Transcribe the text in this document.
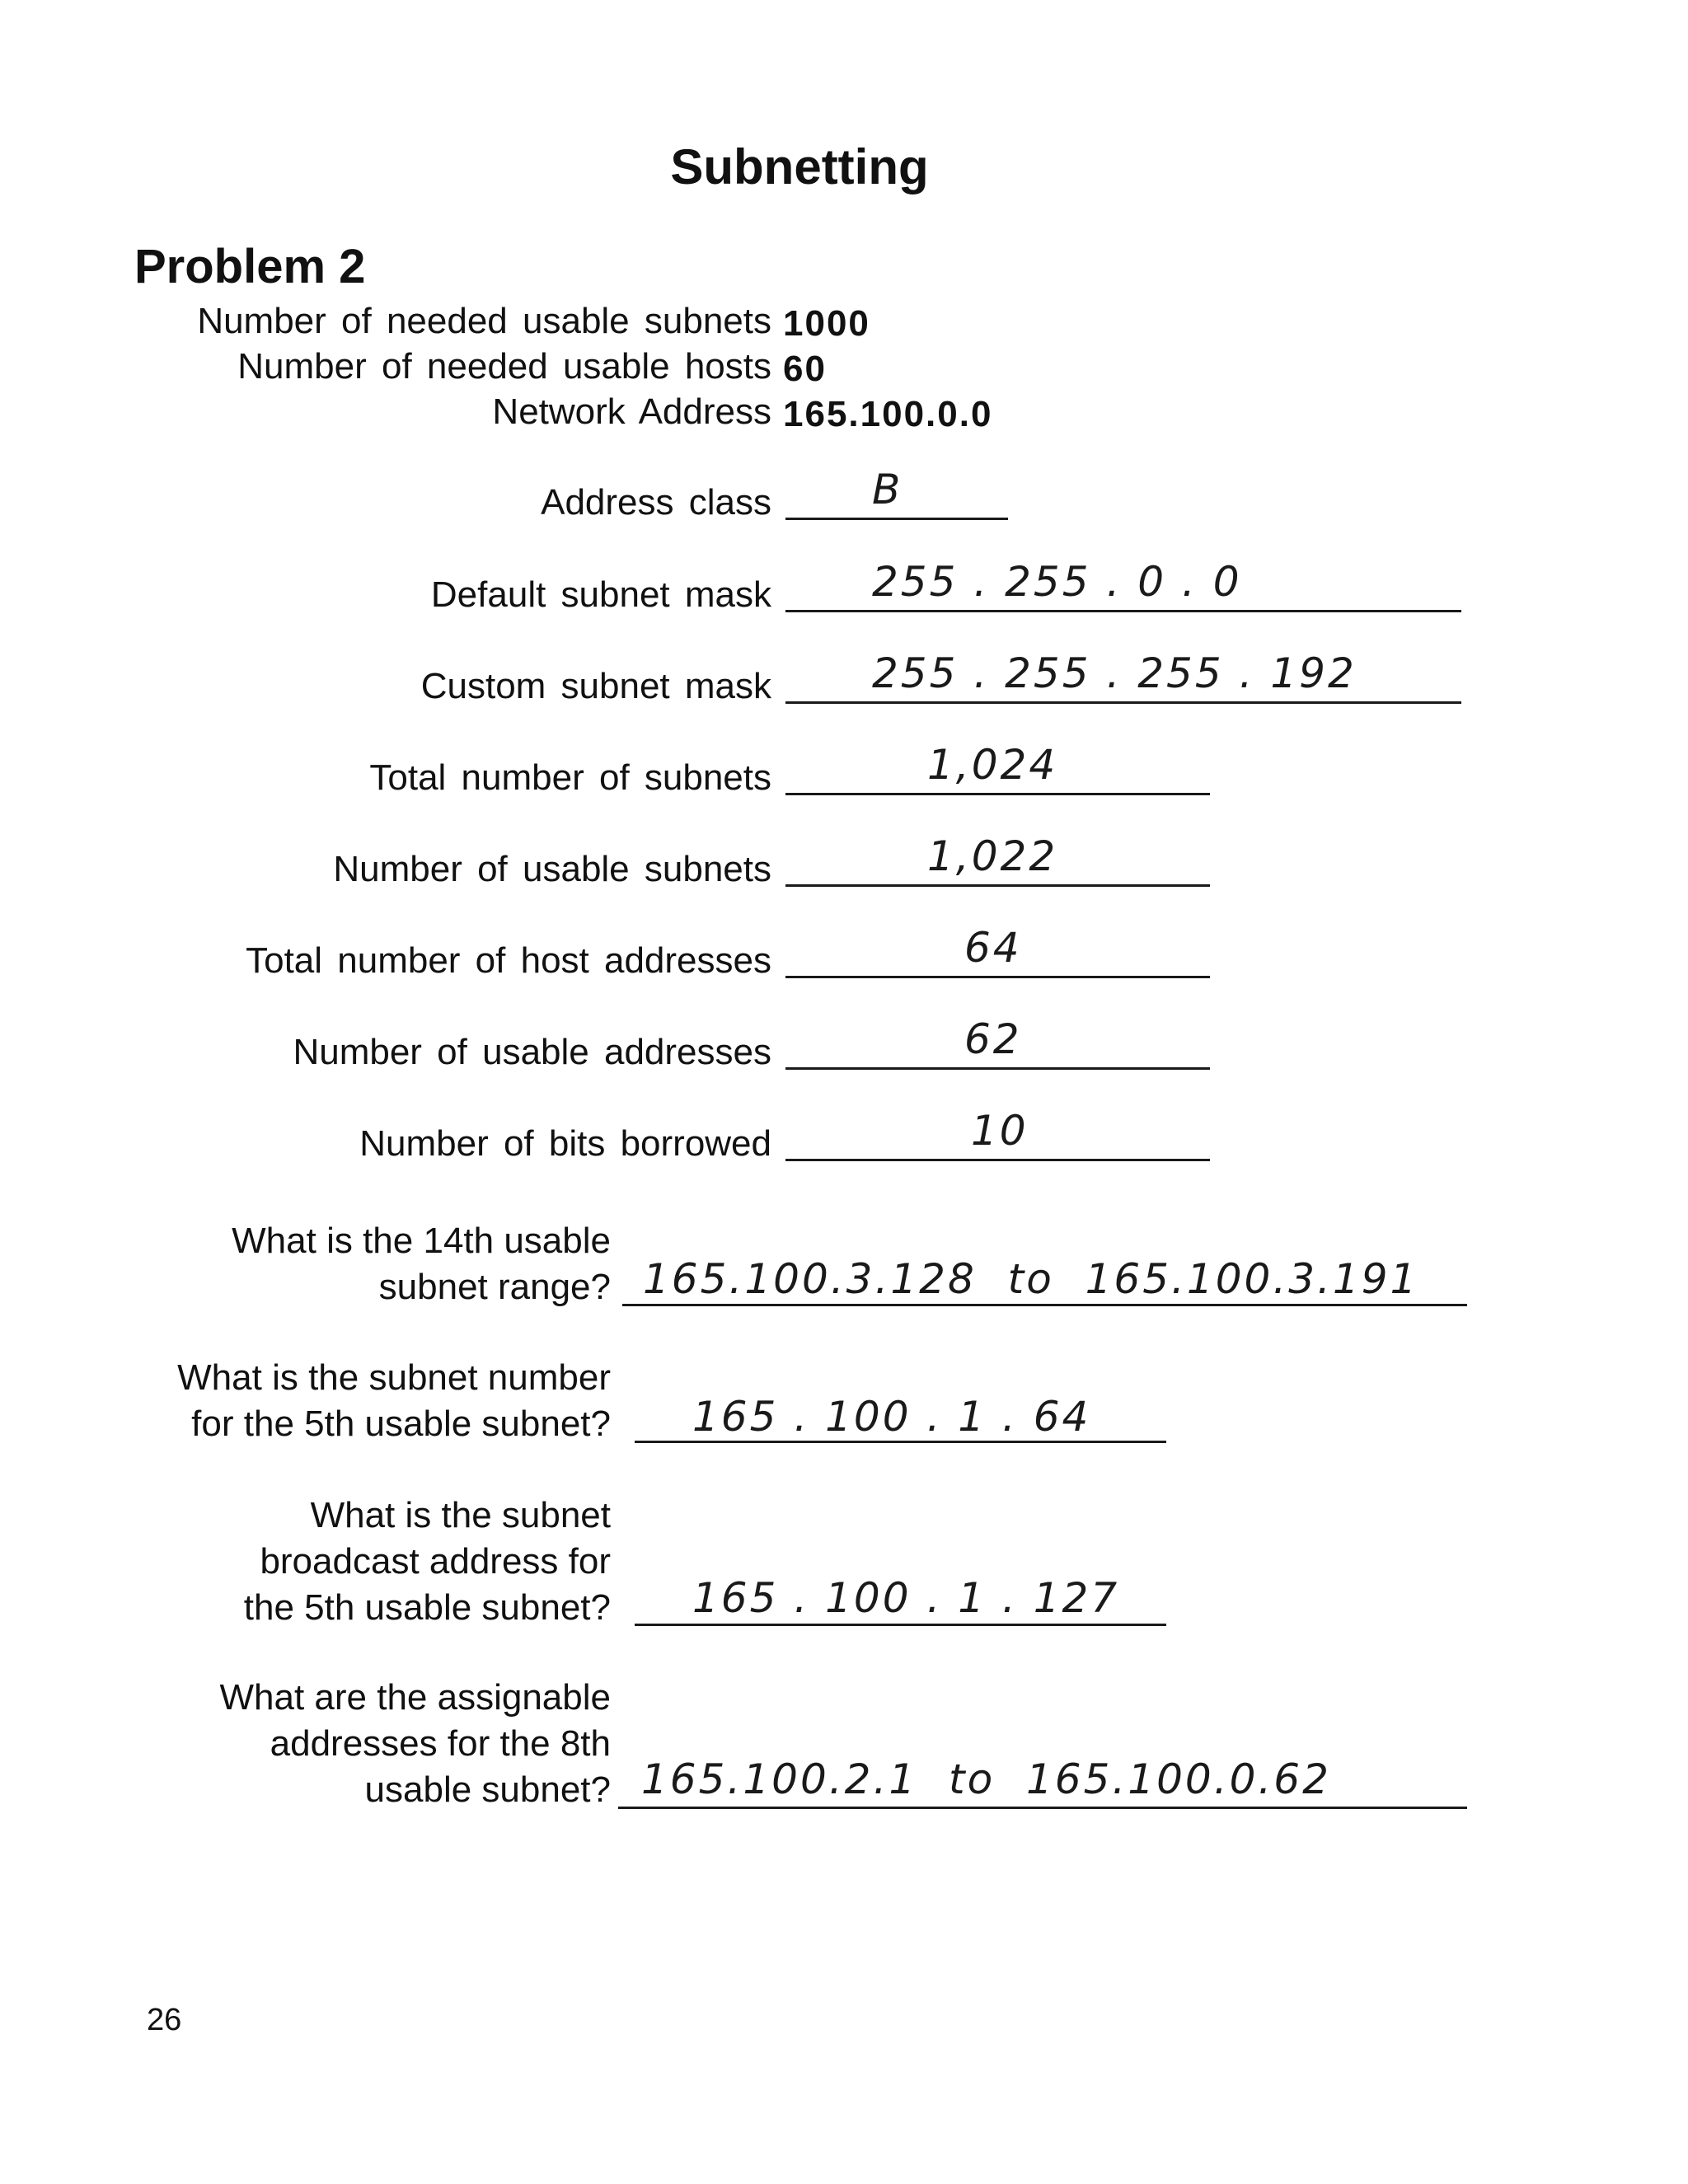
Subnetting
Problem 2
Number of needed usable subnets 1000
Number of needed usable hosts 60
Network Address 165.100.0.0
Address class B
Default subnet mask 255 . 255 . 0 . 0
Custom subnet mask 255 . 255 . 255 . 192
Total number of subnets	1,024
Number of usable subnets	1,022
Total number of host addresses	64
Number of usable addresses	62
Number of bits borrowed	10
What is the 14th usable
subnet range? 165.100.3.128  to  165.100.3.191
What is the subnet number
for the 5th usable subnet? 165 . 100 . 1 . 64
What is the subnet
broadcast address for
the 5th usable subnet? 165 . 100 . 1 . 127
What are the assignable
addresses for the 8th
usable subnet? 165.100.2.1  to  165.100.0.62
26
